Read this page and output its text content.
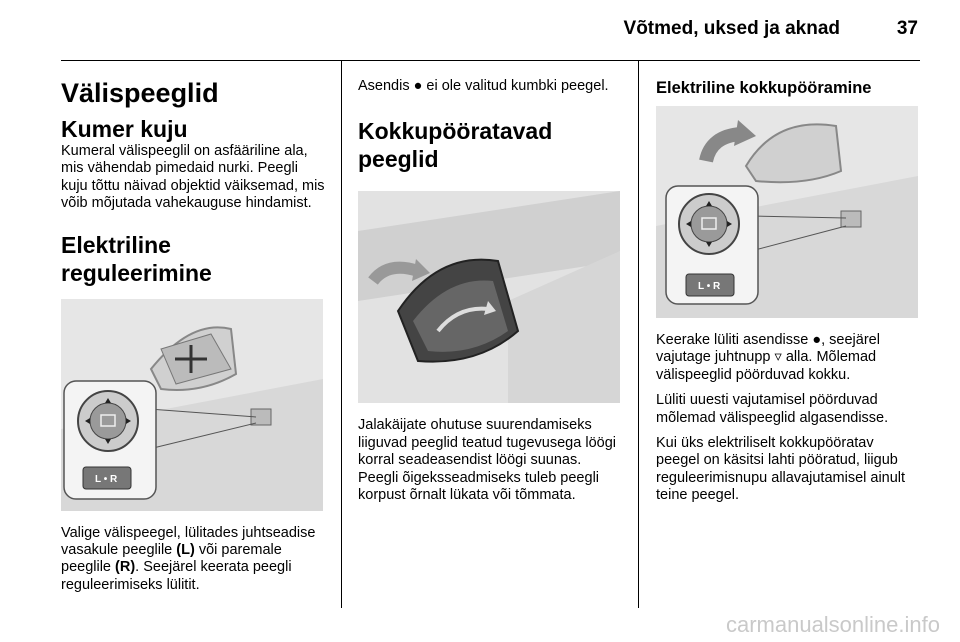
Võtmed, uksed ja aknad	37
Välispeeglid
Kumer kuju

Kumeral välispeeglil on asfääriline ala, mis vähendab pimedaid nurki. Peegli kuju tõttu näivad objektid väiksemad, mis võib mõjutada vahekauguse hindamist.

Elektriline reguleerimine
L • R

Valige välispeegel, lülitades juhtseadise vasakule peeglile (L) või paremale peeglile (R). Seejärel keerata peegli reguleerimiseks lülitit.

Asendis ● ei ole valitud kumbki peegel.

Kokkupööratavad peeglid

Jalakäijate ohutuse suurendamiseks liiguvad peeglid teatud tugevusega löögi korral seadeasendist löögi suunas. Peegli õigeksseadmiseks tuleb peegli korpust õrnalt lükata või tõmmata.

Elektriline kokkupööramine
L • R

Keerake lüliti asendisse ●, seejärel vajutage juhtnupp ▿ alla. Mõlemad välispeeglid pöörduvad kokku.

Lüliti uuesti vajutamisel pöörduvad mõlemad välispeeglid algasendisse.

Kui üks elektriliselt kokkupööratav peegel on käsitsi lahti pööratud, liigub reguleerimisnupu allavajutamisel ainult teine peegel.

carmanualsonline.info
